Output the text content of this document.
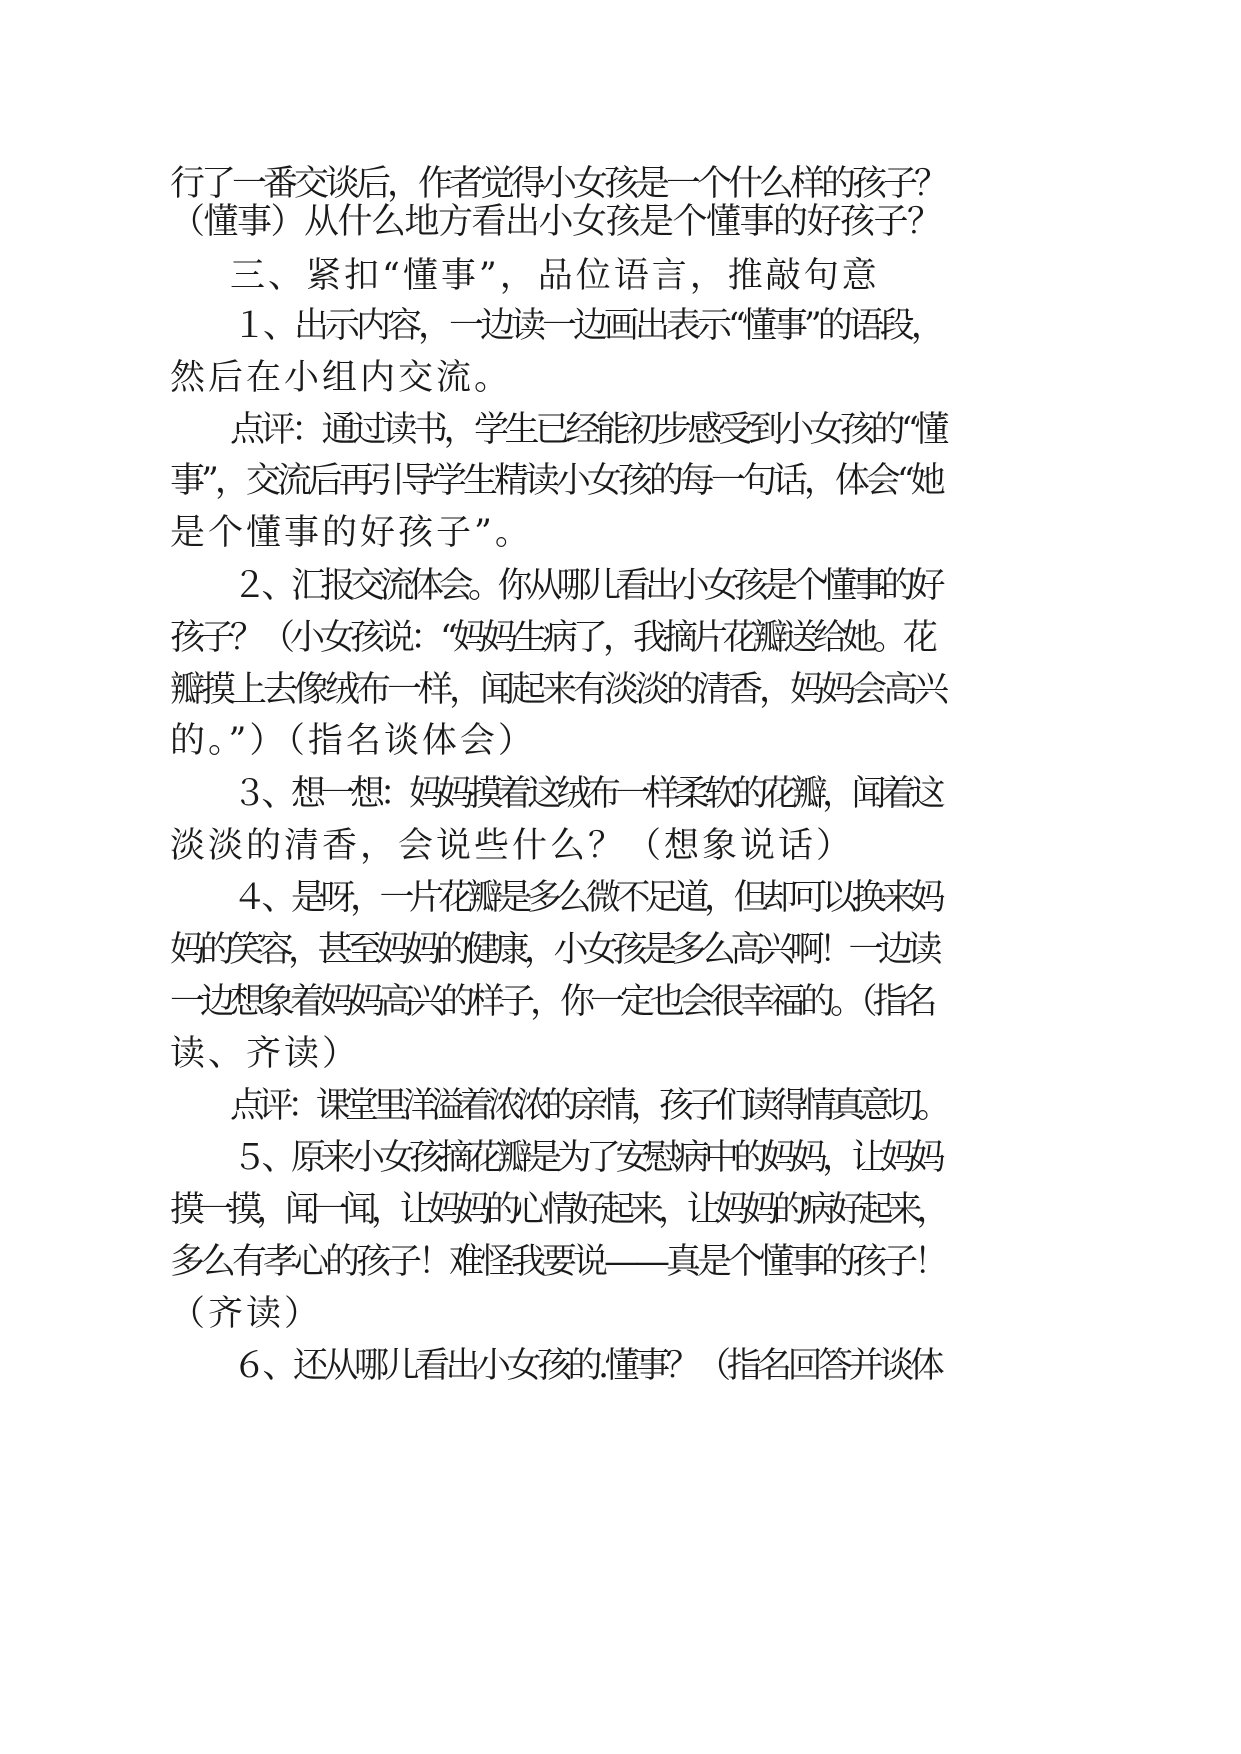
行了一番交谈后，作者觉得小女孩是一个什么样的孩子？
（懂事）从什么地方看出小女孩是个懂事的好孩子？
三、紧扣“懂事”，品位语言，推敲句意
１、出示内容，一边读一边画出表示“懂事”的语段，
然后在小组内交流。
点评：通过读书，学生已经能初步感受到小女孩的“懂
事”，交流后再引导学生精读小女孩的每一句话，体会“她
是个懂事的好孩子”。
２、汇报交流体会。你从哪儿看出小女孩是个懂事的好
孩子？（小女孩说：“妈妈生病了，我摘片花瓣送给她。花
瓣摸上去像绒布一样，闻起来有淡淡的清香，妈妈会高兴
的。”）（指名谈体会）
３、想一想：妈妈摸着这绒布一样柔软的花瓣，闻着这
淡淡的清香，会说些什么？（想象说话）
４、是呀，一片花瓣是多么微不足道，但却可以换来妈
妈的笑容，甚至妈妈的健康，小女孩是多么高兴啊！一边读
一边想象着妈妈高兴的样子，你一定也会很幸福的。（指名
读、齐读）
点评：课堂里洋溢着浓浓的亲情，孩子们读得情真意切。
５、原来小女孩摘花瓣是为了安慰病中的妈妈，让妈妈
摸一摸，闻一闻，让妈妈的心情好起来，让妈妈的病好起来，
多么有孝心的孩子！难怪我要说——真是个懂事的孩子！
（齐读）
６、还从哪儿看出小女孩的.懂事？（指名回答并谈体
